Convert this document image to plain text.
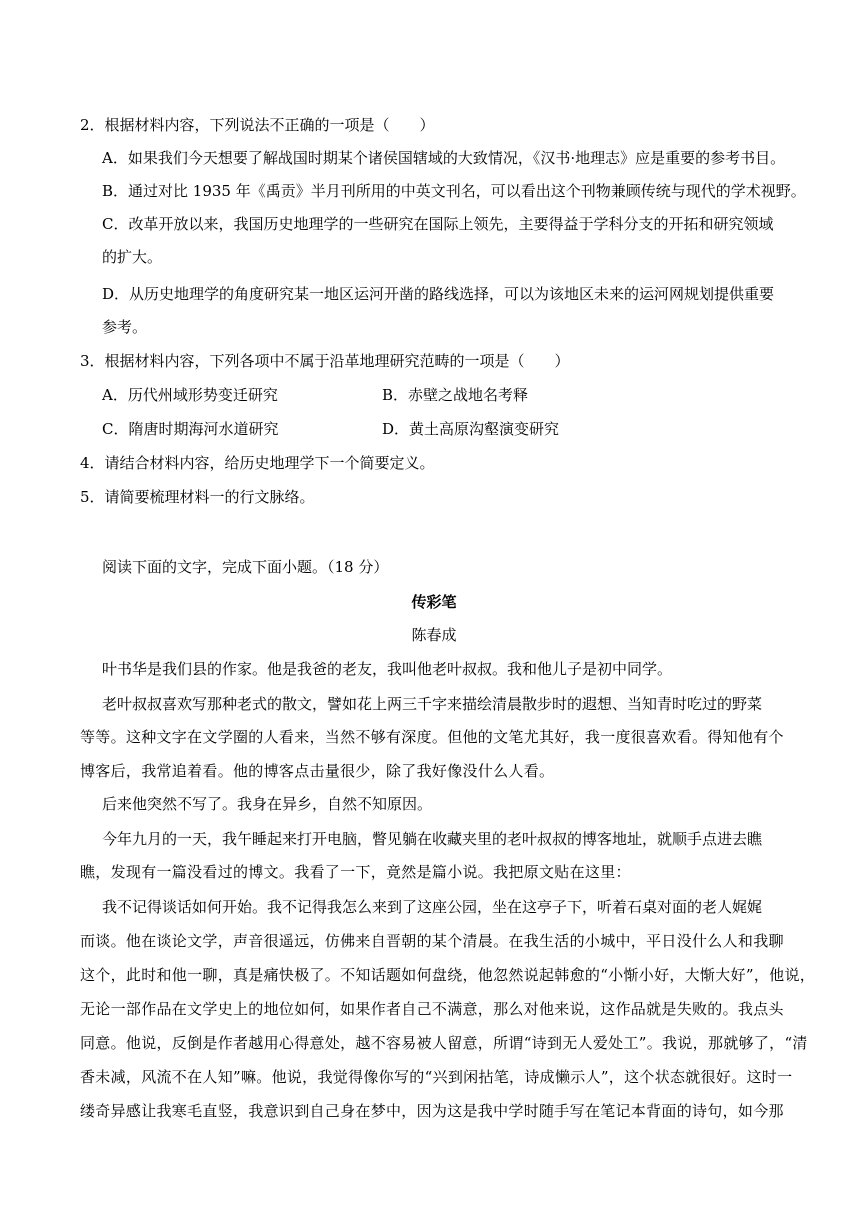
2．根据材料内容，下列说法不正确的一项是（　　）
A．如果我们今天想要了解战国时期某个诸侯国辖域的大致情况，《汉书·地理志》应是重要的参考书目。
B．通过对比 1935 年《禹贡》半月刊所用的中英文刊名，可以看出这个刊物兼顾传统与现代的学术视野。
C．改革开放以来，我国历史地理学的一些研究在国际上领先，主要得益于学科分支的开拓和研究领域
的扩大。
D．从历史地理学的角度研究某一地区运河开凿的路线选择，可以为该地区未来的运河网规划提供重要
参考。
3．根据材料内容，下列各项中不属于沿革地理研究范畴的一项是（　　）
A．历代州域形势变迁研究	B．赤壁之战地名考释
C．隋唐时期海河水道研究	D．黄土高原沟壑演变研究
4．请结合材料内容，给历史地理学下一个简要定义。
5．请简要梳理材料一的行文脉络。
阅读下面的文字，完成下面小题。（18 分）
传彩笔
陈春成
叶书华是我们县的作家。他是我爸的老友，我叫他老叶叔叔。我和他儿子是初中同学。
老叶叔叔喜欢写那种老式的散文，譬如花上两三千字来描绘清晨散步时的遐想、当知青时吃过的野菜
等等。这种文字在文学圈的人看来，当然不够有深度。但他的文笔尤其好，我一度很喜欢看。得知他有个
博客后，我常追着看。他的博客点击量很少，除了我好像没什么人看。
后来他突然不写了。我身在异乡，自然不知原因。
今年九月的一天，我午睡起来打开电脑，瞥见躺在收藏夹里的老叶叔叔的博客地址，就顺手点进去瞧
瞧，发现有一篇没看过的博文。我看了一下，竟然是篇小说。我把原文贴在这里：
我不记得谈话如何开始。我不记得我怎么来到了这座公园，坐在这亭子下，听着石桌对面的老人娓娓
而谈。他在谈论文学，声音很遥远，仿佛来自晋朝的某个清晨。在我生活的小城中，平日没什么人和我聊
这个，此时和他一聊，真是痛快极了。不知话题如何盘绕，他忽然说起韩愈的“小惭小好，大惭大好”，他说，
无论一部作品在文学史上的地位如何，如果作者自己不满意，那么对他来说，这作品就是失败的。我点头
同意。他说，反倒是作者越用心得意处，越不容易被人留意，所谓“诗到无人爱处工”。我说，那就够了，“清
香未减，风流不在人知”嘛。他说，我觉得像你写的“兴到闲拈笔，诗成懒示人”，这个状态就很好。这时一
缕奇异感让我寒毛直竖，我意识到自己身在梦中，因为这是我中学时随手写在笔记本背面的诗句，如今那
